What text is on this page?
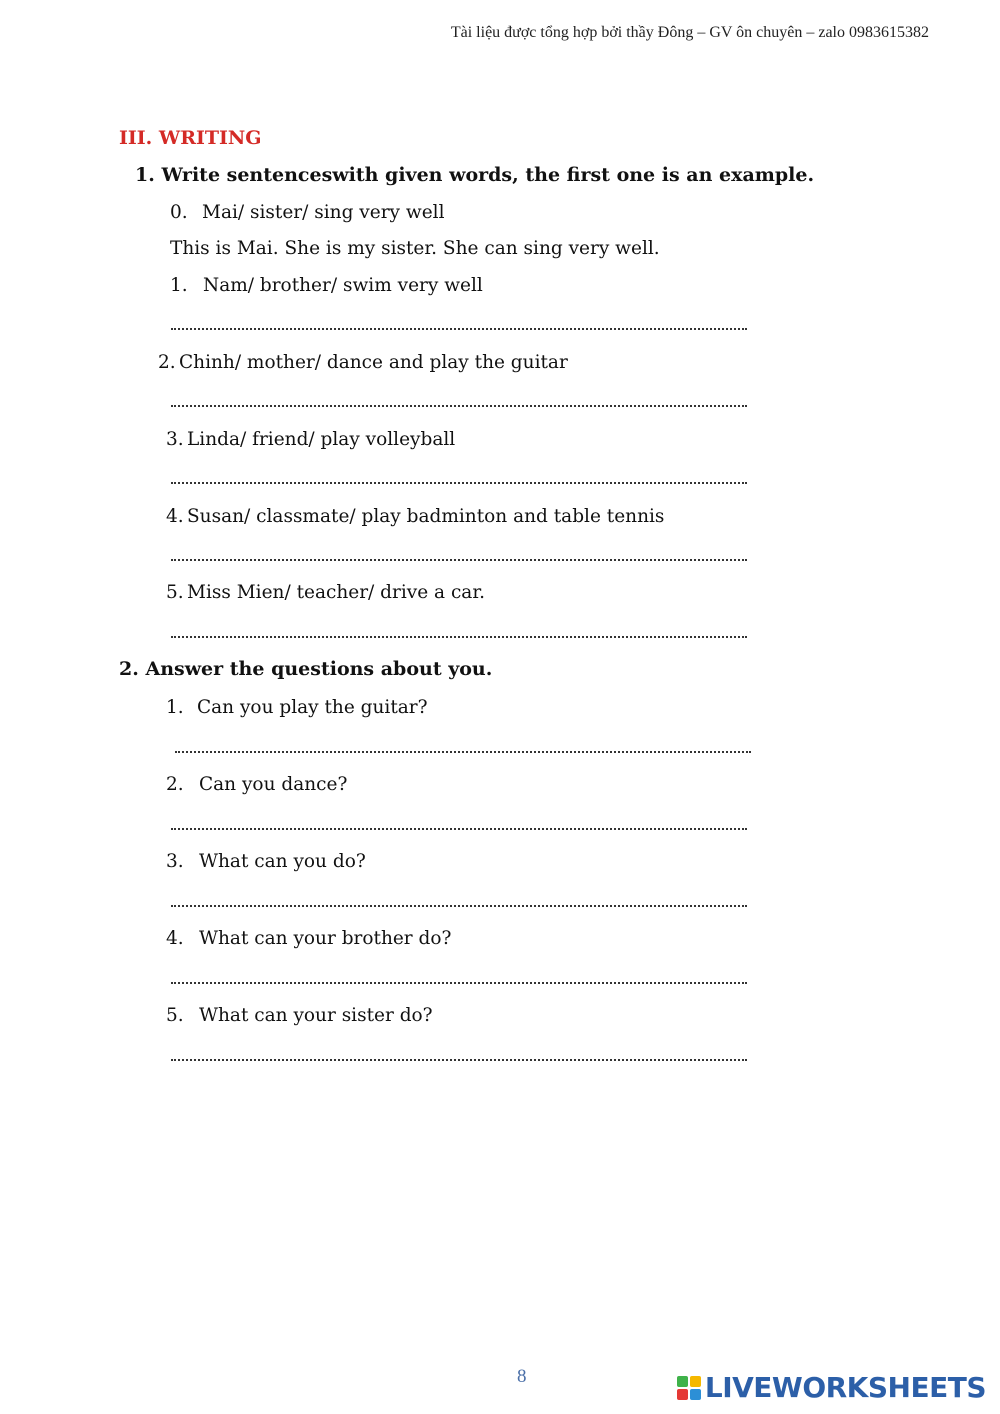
Tài liệu được tổng hợp bởi thầy Đông – GV ôn chuyên – zalo 0983615382
III. WRITING
1. Write sentenceswith given words, the first one is an example.
0. Mai/ sister/ sing very well
This is Mai. She is my sister. She can sing very well.
1. Nam/ brother/ swim very well
2. Chinh/ mother/ dance and play the guitar
3. Linda/ friend/ play volleyball
4. Susan/ classmate/ play badminton and table tennis
5. Miss Mien/ teacher/ drive a car.
2. Answer the questions about you.
1. Can you play the guitar?
2. Can you dance?
3. What can you do?
4. What can your brother do?
5. What can your sister do?
8	LIVEWORKSHEETS
